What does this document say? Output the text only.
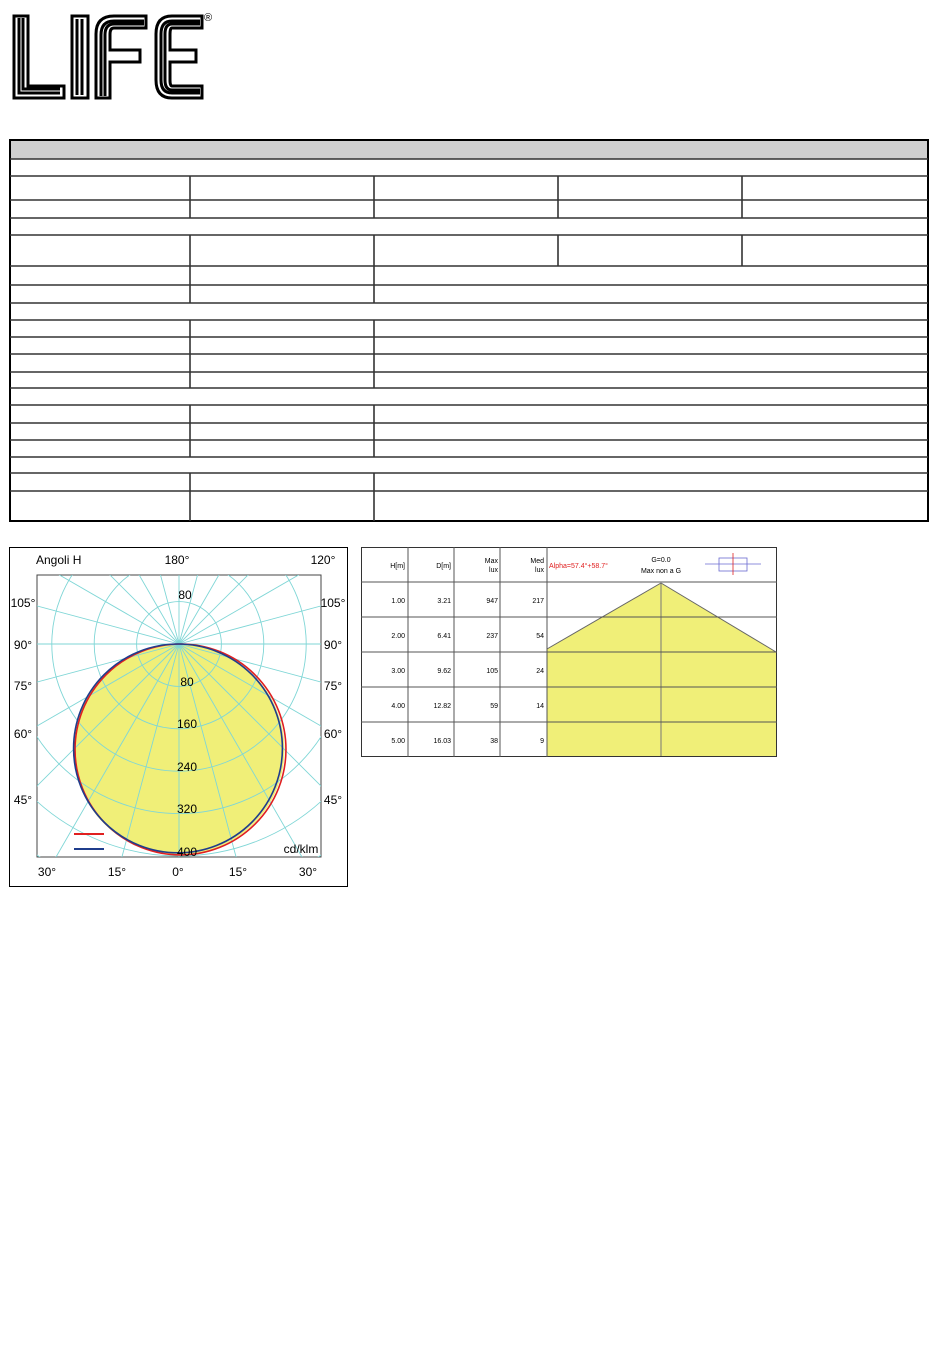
®
Angoli H	180°	120°
105°
90°
75°
60°
45°
105°
90°
75°
60°
45°
30°	15°	0°	15°	30°
80
80
160
240
320
400	cd/klm
H[m]	D[m]
Max
lux
Med
lux
Alpha=57.4°+58.7°
G=0.0
Max non a G
1.00	3.21	947	217
2.00	6.41	237	54
3.00	9.62	105	24
4.00	12.82	59	14
5.00	16.03	38	9
